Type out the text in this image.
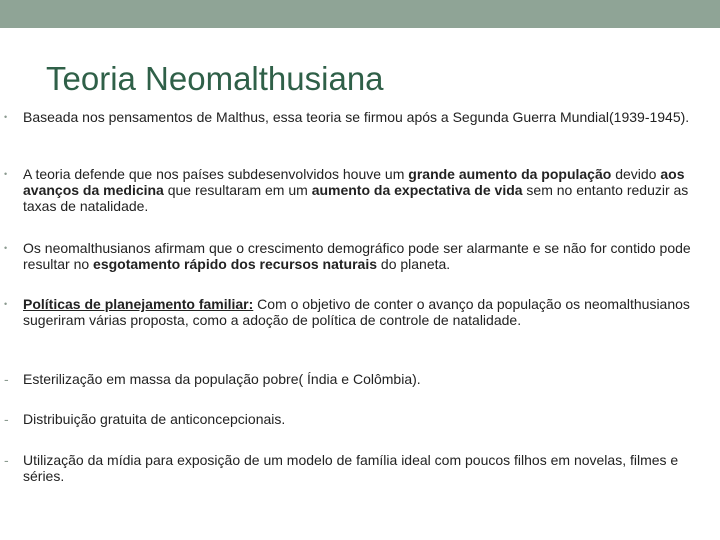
Teoria Neomalthusiana
•	Baseada nos pensamentos de Malthus, essa teoria se firmou após a Segunda Guerra Mundial(1939-1945).
•	A teoria defende que nos países subdesenvolvidos houve um grande aumento da população devido aos avanços da medicina que resultaram em um aumento da expectativa de vida sem no entanto reduzir as taxas de natalidade.
•	Os neomalthusianos afirmam que o crescimento demográfico pode ser alarmante e se não for contido pode resultar no esgotamento rápido dos recursos naturais do planeta.
•	Políticas de planejamento familiar: Com o objetivo de conter o avanço da população os neomalthusianos sugeriram várias proposta, como a adoção de política de controle de natalidade.
-	Esterilização em massa da população pobre( Índia e Colômbia).
-	Distribuição gratuita de anticoncepcionais.
-	Utilização da mídia para exposição de um modelo de família ideal com poucos filhos em novelas, filmes e séries.
